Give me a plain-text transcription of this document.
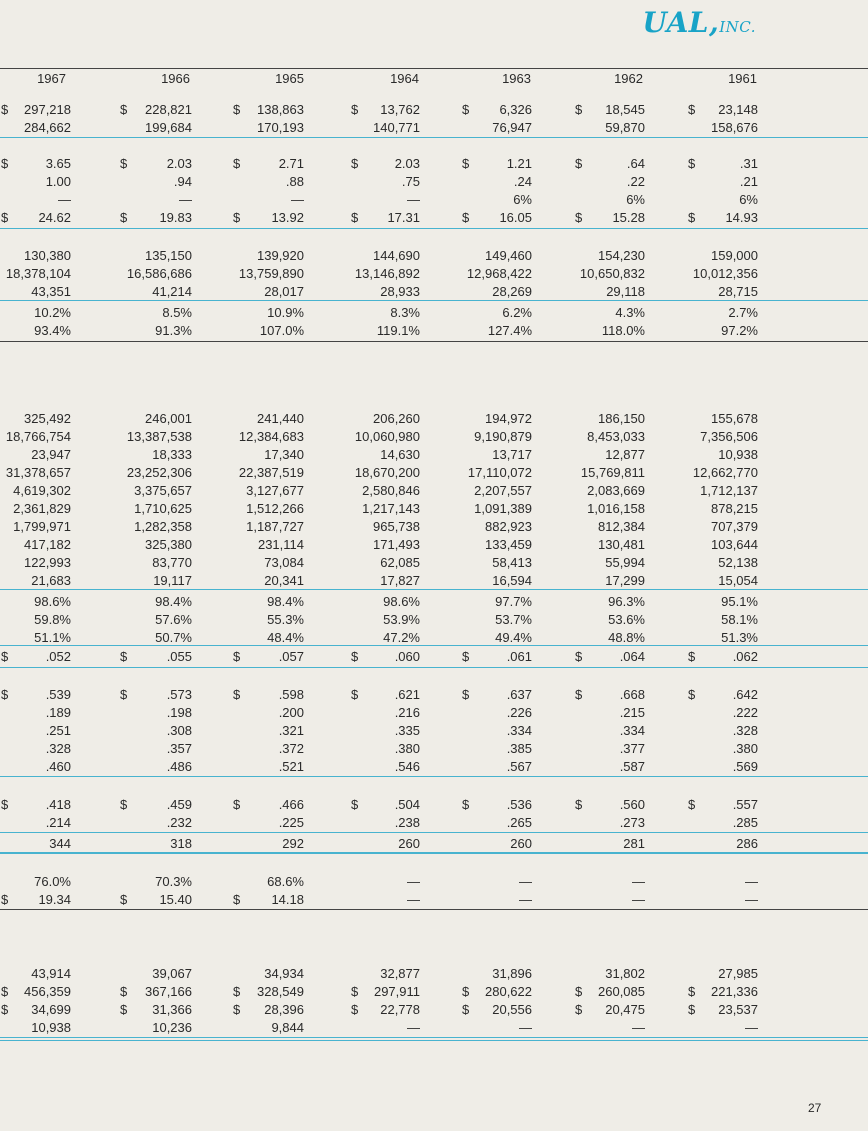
UAL,INC.
1967	1966	1965	1964	1963	1962	1961
$	297,218	$	228,821	$	138,863	$	13,762	$	6,326	$	18,545	$	23,148
284,662	199,684	170,193	140,771	76,947	59,870	158,676
$	3.65	$	2.03	$	2.71	$	2.03	$	1.21	$	.64	$	.31
1.00	.94	.88	.75	.24	.22	.21
—	—	—	—	6%	6%	6%
$	24.62	$	19.83	$	13.92	$	17.31	$	16.05	$	15.28	$	14.93
130,380	135,150	139,920	144,690	149,460	154,230	159,000
18,378,104	16,586,686	13,759,890	13,146,892	12,968,422	10,650,832	10,012,356
43,351	41,214	28,017	28,933	28,269	29,118	28,715
10.2%	8.5%	10.9%	8.3%	6.2%	4.3%	2.7%
93.4%	91.3%	107.0%	119.1%	127.4%	118.0%	97.2%
325,492	246,001	241,440	206,260	194,972	186,150	155,678
18,766,754	13,387,538	12,384,683	10,060,980	9,190,879	8,453,033	7,356,506
23,947	18,333	17,340	14,630	13,717	12,877	10,938
31,378,657	23,252,306	22,387,519	18,670,200	17,110,072	15,769,811	12,662,770
4,619,302	3,375,657	3,127,677	2,580,846	2,207,557	2,083,669	1,712,137
2,361,829	1,710,625	1,512,266	1,217,143	1,091,389	1,016,158	878,215
1,799,971	1,282,358	1,187,727	965,738	882,923	812,384	707,379
417,182	325,380	231,114	171,493	133,459	130,481	103,644
122,993	83,770	73,084	62,085	58,413	55,994	52,138
21,683	19,117	20,341	17,827	16,594	17,299	15,054
98.6%	98.4%	98.4%	98.6%	97.7%	96.3%	95.1%
59.8%	57.6%	55.3%	53.9%	53.7%	53.6%	58.1%
51.1%	50.7%	48.4%	47.2%	49.4%	48.8%	51.3%
$	.052	$	.055	$	.057	$	.060	$	.061	$	.064	$	.062
$	.539	$	.573	$	.598	$	.621	$	.637	$	.668	$	.642
.189	.198	.200	.216	.226	.215	.222
.251	.308	.321	.335	.334	.334	.328
.328	.357	.372	.380	.385	.377	.380
.460	.486	.521	.546	.567	.587	.569
$	.418	$	.459	$	.466	$	.504	$	.536	$	.560	$	.557
.214	.232	.225	.238	.265	.273	.285
344	318	292	260	260	281	286
76.0%	70.3%	68.6%	—	—	—	—
$	19.34	$	15.40	$	14.18	—	—	—	—
43,914	39,067	34,934	32,877	31,896	31,802	27,985
$	456,359	$	367,166	$	328,549	$	297,911	$	280,622	$	260,085	$	221,336
$	34,699	$	31,366	$	28,396	$	22,778	$	20,556	$	20,475	$	23,537
10,938	10,236	9,844	—	—	—	—
27
